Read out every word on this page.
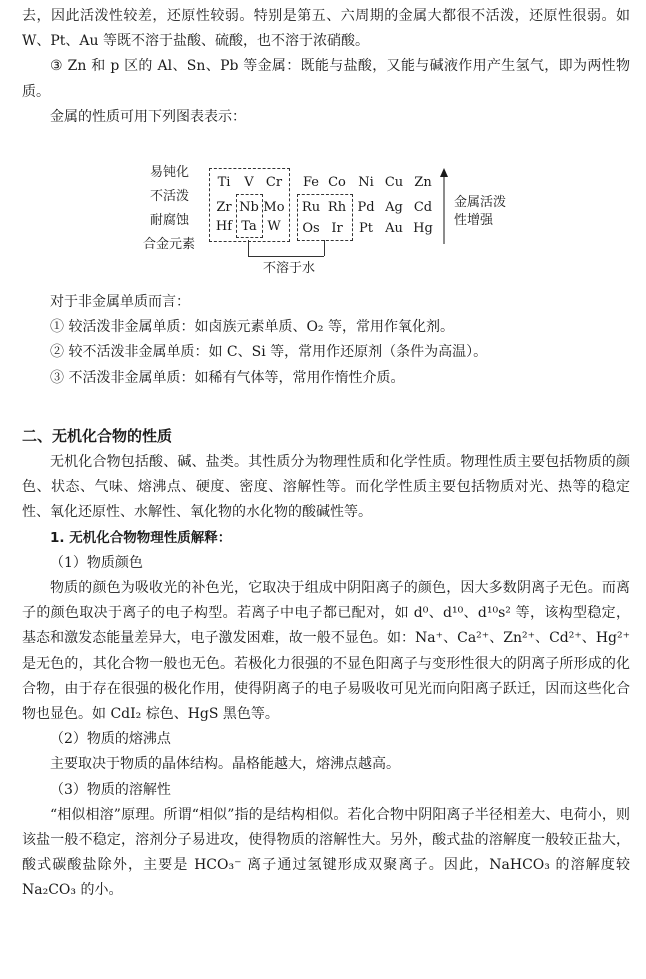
去，因此活泼性较差，还原性较弱。特别是第五、六周期的金属大都很不活泼，还原性很弱。如 W、Pt、Au 等既不溶于盐酸、硫酸，也不溶于浓硝酸。

③ Zn 和 p 区的 Al、Sn、Pb 等金属：既能与盐酸，又能与碱液作用产生氢气，即为两性物质。

金属的性质可用下列图表表示：

易钝化
不活泼
耐腐蚀
合金元素
Ti	V Cr
Zr Nb Mo
Hf Ta W
Fe Co Ni Cu Zn
Ru Rh Pd Ag Cd
Os Ir	Pt Au Hg
不溶于水
金属活泼
性增强

对于非金属单质而言：

① 较活泼非金属单质：如卤族元素单质、O₂ 等，常用作氧化剂。

② 较不活泼非金属单质：如 C、Si 等，常用作还原剂（条件为高温）。

③ 不活泼非金属单质：如稀有气体等，常用作惰性介质。

二、无机化合物的性质

无机化合物包括酸、碱、盐类。其性质分为物理性质和化学性质。物理性质主要包括物质的颜色、状态、气味、熔沸点、硬度、密度、溶解性等。而化学性质主要包括物质对光、热等的稳定性、氧化还原性、水解性、氧化物的水化物的酸碱性等。

1. 无机化合物物理性质解释：

（1）物质颜色

物质的颜色为吸收光的补色光，它取决于组成中阴阳离子的颜色，因大多数阴离子无色。而离子的颜色取决于离子的电子构型。若离子中电子都已配对，如 d⁰、d¹⁰、d¹⁰s² 等，该构型稳定，基态和激发态能量差异大，电子激发困难，故一般不显色。如：Na⁺、Ca²⁺、Zn²⁺、Cd²⁺、Hg²⁺ 是无色的，其化合物一般也无色。若极化力很强的不显色阳离子与变形性很大的阴离子所形成的化合物，由于存在很强的极化作用，使得阴离子的电子易吸收可见光而向阳离子跃迁，因而这些化合物也显色。如 CdI₂ 棕色、HgS 黑色等。

（2）物质的熔沸点

主要取决于物质的晶体结构。晶格能越大，熔沸点越高。

（3）物质的溶解性

“相似相溶”原理。所谓“相似”指的是结构相似。若化合物中阴阳离子半径相差大、电荷小，则该盐一般不稳定，溶剂分子易进攻，使得物质的溶解性大。另外，酸式盐的溶解度一般较正盐大，酸式碳酸盐除外，主要是 HCO₃⁻ 离子通过氢键形成双聚离子。因此，NaHCO₃ 的溶解度较 Na₂CO₃ 的小。
